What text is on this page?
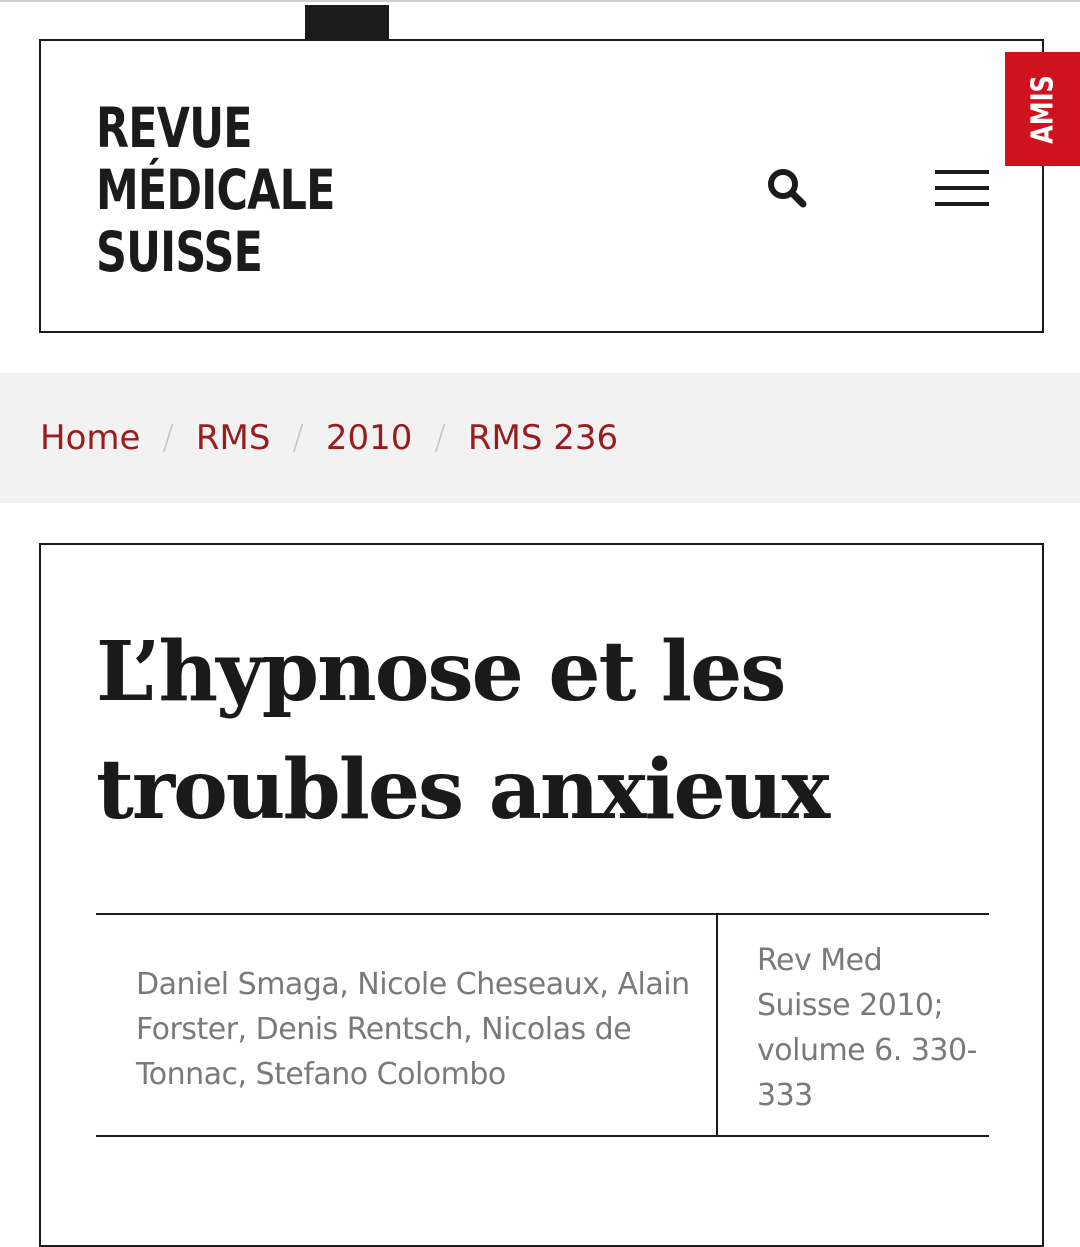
REVUE
MÉDICALE
SUISSE
AMIS
Home / RMS / 2010 / RMS 236
L’hypnose et les troubles anxieux
Daniel Smaga, Nicole Cheseaux, Alain Forster, Denis Rentsch, Nicolas de Tonnac, Stefano Colombo
Rev Med Suisse 2010; volume 6. 330-333
